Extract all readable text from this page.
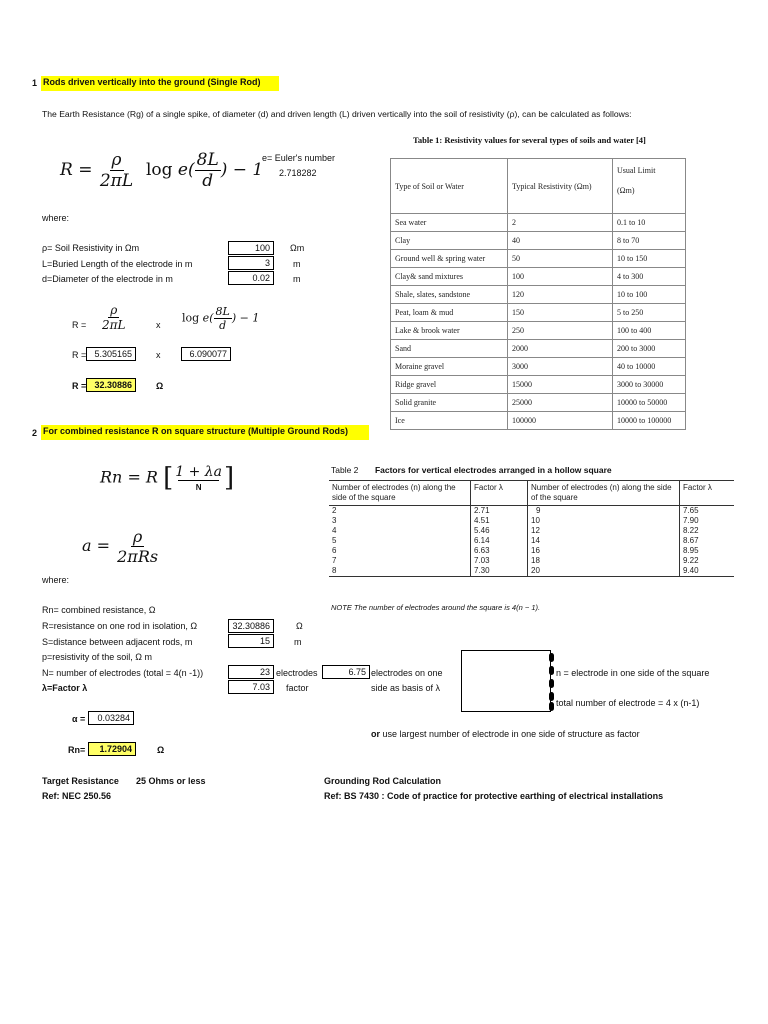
1 Rods driven vertically into the ground (Single Rod)
The Earth Resistance (Rg) of a single spike, of diameter (d) and driven length (L) driven vertically into the soil of resistivity (ρ), can be calculated as follows:
$R = \frac{\rho}{2\pi L}$ $\log e( \frac{8L}{d}$ ) − 1
e= Euler's number
2.718282
where:
ρ= Soil Resistivity in Ωm	100	Ωm
L=Buried Length of the electrode in m	3	m
d=Diameter of the electrode in m	0.02	m
$R = \frac{\rho}{2\pi L}$	x
$\log e( \frac{8L}{d}$ ) − 1
R = 5.305165	x	6.090077
R = 32.30886	Ω
Table 1: Resistivity values for several types of soils and water [4]
Type of Soil or Water	Typical Resistivity (Ωm)	Usual Limit
(Ωm)
Sea water	2	0.1 to 10
Clay	40	8 to 70
Ground well & spring water	50	10 to 150
Clay& sand mixtures	100	4 to 300
Shale, slates, sandstone	120	10 to 100
Peat, loam & mud	150	5 to 250
Lake & brook water	250	100 to 400
Sand	2000	200 to 3000
Moraine gravel	3000	40 to 10000
Ridge gravel	15000	3000 to 30000
Solid granite	25000	10000 to 50000
Ice	100000	10000 to 100000
2 For combined resistance R on square structure (Multiple Ground Rods)
Rn = R [ $\frac{1 + \lambda a}{N}$ ]
$a = \frac{\rho}{\text{2πRs}}$
where:
Rn= combined resistance, Ω
R=resistance on one rod in isolation, Ω	32.30886	Ω
S=distance between adjacent rods, m	15	m
p=resistivity of the soil, Ω m
N= number of electrodes (total = 4(n -1))	23 electrodes	6.75 electrodes on one
λ=Factor λ	7.03	factor	side as basis of λ
α =	0.03284
Rn=	1.72904	Ω
n = electrode in one side of the square
total number of electrode = 4 x (n-1)
or use largest number of electrode in one side of structure as factor
Table 2 Factors for vertical electrodes arranged in a hollow square
Number of electrodes (n) along the side of the square	Factor λ	Number of electrodes (n) along the side of the square	Factor λ
2	2.71	9	7.65
3	4.51	10	7.90
4	5.46	12	8.22
5	6.14	14	8.67
6	6.63	16	8.95
7	7.03	18	9.22
8	7.30	20	9.40
NOTE The number of electrodes around the square is 4(n − 1).
Target Resistance 25 Ohms or less
Ref: NEC 250.56
Grounding Rod Calculation
Ref: BS 7430 : Code of practice for protective earthing of electrical installations
